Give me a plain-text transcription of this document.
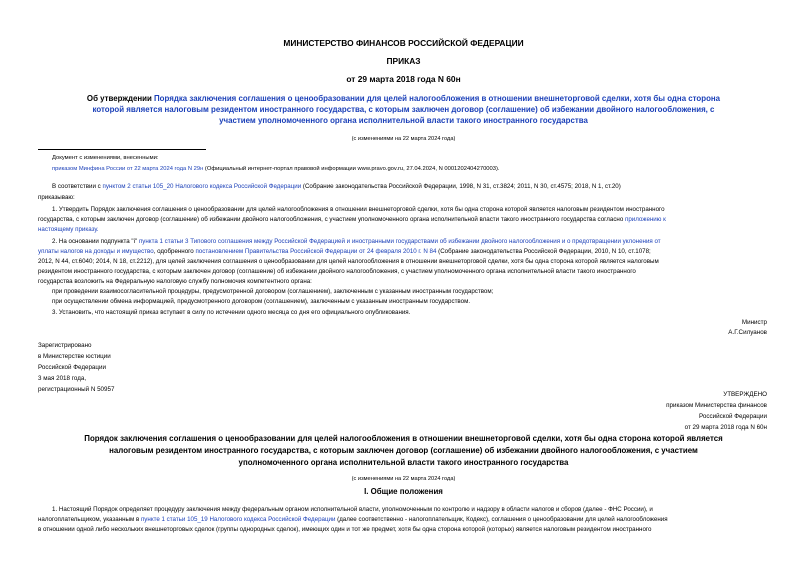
МИНИСТЕРСТВО ФИНАНСОВ РОССИЙСКОЙ ФЕДЕРАЦИИ
ПРИКАЗ
от 29 марта 2018 года N 60н
Об утверждении Порядка заключения соглашения о ценообразовании для целей налогообложения в отношении внешнеторговой сделки, хотя бы одна сторона
которой является налоговым резидентом иностранного государства, с которым заключен договор (соглашение) об избежании двойного налогообложения, с
участием уполномоченного органа исполнительной власти такого иностранного государства
(с изменениями на 22 марта 2024 года)
Документ с изменениями, внесенными:
приказом Минфина России от 22 марта 2024 года N 29н (Официальный интернет-портал правовой информации www.pravo.gov.ru, 27.04.2024, N 0001202404270003).
В соответствии с пунктом 2 статьи 105_20 Налогового кодекса Российской Федерации (Собрание законодательства Российской Федерации, 1998, N 31, ст.3824; 2011, N 30, ст.4575; 2018, N 1, ст.20)
приказываю:
1. Утвердить Порядок заключения соглашения о ценообразовании для целей налогообложения в отношении внешнеторговой сделки, хотя бы одна сторона которой является налоговым резидентом иностранного
государства, с которым заключен договор (соглашение) об избежании двойного налогообложения, с участием уполномоченного органа исполнительной власти такого иностранного государства согласно приложению к
настоящему приказу.
2. На основании подпункта "i" пункта 1 статьи 3 Типового соглашения между Российской Федерацией и иностранными государствами об избежании двойного налогообложения и о предотвращении уклонения от
уплаты налогов на доходы и имущество, одобренного постановлением Правительства Российской Федерации от 24 февраля 2010 г. N 84 (Собрание законодательства Российской Федерации, 2010, N 10, ст.1078;
2012, N 44, ст.6040; 2014, N 18, ст.2212), для целей заключения соглашения о ценообразовании для целей налогообложения в отношении внешнеторговой сделки, хотя бы одна сторона которой является налоговым
резидентом иностранного государства, с которым заключен договор (соглашение) об избежании двойного налогообложения, с участием уполномоченного органа исполнительной власти такого иностранного
государства возложить на Федеральную налоговую службу полномочия компетентного органа:
при проведении взаимосогласительной процедуры, предусмотренной договором (соглашением), заключенным с указанным иностранным государством;
при осуществлении обмена информацией, предусмотренного договором (соглашением), заключенным с указанным иностранным государством.
3. Установить, что настоящий приказ вступает в силу по истечении одного месяца со дня его официального опубликования.
Министр
А.Г.Силуанов
Зарегистрировано
в Министерстве юстиции
Российской Федерации
3 мая 2018 года,
регистрационный N 50957
УТВЕРЖДЕНО
приказом Министерства финансов
Российской Федерации
от 29 марта 2018 года N 60н
Порядок заключения соглашения о ценообразовании для целей налогообложения в отношении внешнеторговой сделки, хотя бы одна сторона которой является
налоговым резидентом иностранного государства, с которым заключен договор (соглашение) об избежании двойного налогообложения, с участием
уполномоченного органа исполнительной власти такого иностранного государства
(с изменениями на 22 марта 2024 года)
I. Общие положения
1. Настоящий Порядок определяет процедуру заключения между федеральным органом исполнительной власти, уполномоченным по контролю и надзору в области налогов и сборов (далее - ФНС России), и
налогоплательщиком, указанным в пункте 1 статьи 105_19 Налогового кодекса Российской Федерации (далее соответственно - налогоплательщик, Кодекс), соглашения о ценообразовании для целей налогообложения
в отношении одной либо нескольких внешнеторговых сделок (группы однородных сделок), имеющих один и тот же предмет, хотя бы одна сторона которой (которых) является налоговым резидентом иностранного
